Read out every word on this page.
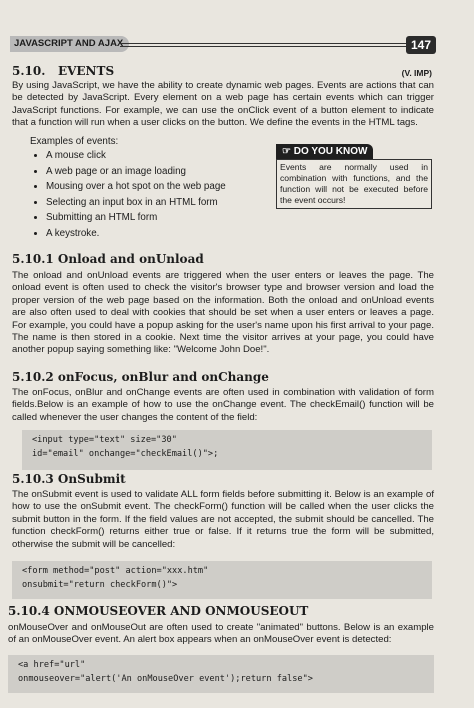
JAVASCRIPT AND AJAX	147
5.10.   EVENTS	(V. IMP)

By using JavaScript, we have the ability to create dynamic web pages. Events are actions that can be detected by JavaScript. Every element on a web page has certain events which can trigger JavaScript functions. For example, we can use the onClick event of a button element to indicate that a function will run when a user clicks on the button. We define the events in the HTML tags.

Examples of events:
• A mouse click
• A web page or an image loading
• Mousing over a hot spot on the web page
• Selecting an input box in an HTML form
• Submitting an HTML form
• A keystroke.
☞ DO YOU KNOW
Events are normally used in combination with functions, and the function will not be executed before the event occurs!
5.10.1 Onload and onUnload

The onload and onUnload events are triggered when the user enters or leaves the page. The onload event is often used to check the visitor's browser type and browser version and load the proper version of the web page based on the information. Both the onload and onUnload events are also often used to deal with cookies that should be set when a user enters or leaves a page. For example, you could have a popup asking for the user's name upon his first arrival to your page. The name is then stored in a cookie. Next time the visitor arrives at your page, you could have another popup saying something like: "Welcome John Doe!".

5.10.2 onFocus, onBlur and onChange

The onFocus, onBlur and onChange events are often used in combination with validation of form fields.Below is an example of how to use the onChange event. The checkEmail() function will be called whenever the user changes the content of the field:

<input type="text" size="30"
id="email" onchange="checkEmail()">;
5.10.3 OnSubmit

The onSubmit event is used to validate ALL form fields before submitting it. Below is an example of how to use the onSubmit event. The checkForm() function will be called when the user clicks the submit button in the form. If the field values are not accepted, the submit should be cancelled. The function checkForm() returns either true or false. If it returns true the form will be submitted, otherwise the submit will be cancelled:

<form method="post" action="xxx.htm"
onsubmit="return checkForm()">
5.10.4 ONMOUSEOVER AND ONMOUSEOUT

onMouseOver and onMouseOut are often used to create "animated" buttons. Below is an example of an onMouseOver event. An alert box appears when an onMouseOver event is detected:

<a href="url"
onmouseover="alert('An onMouseOver event');return false">
